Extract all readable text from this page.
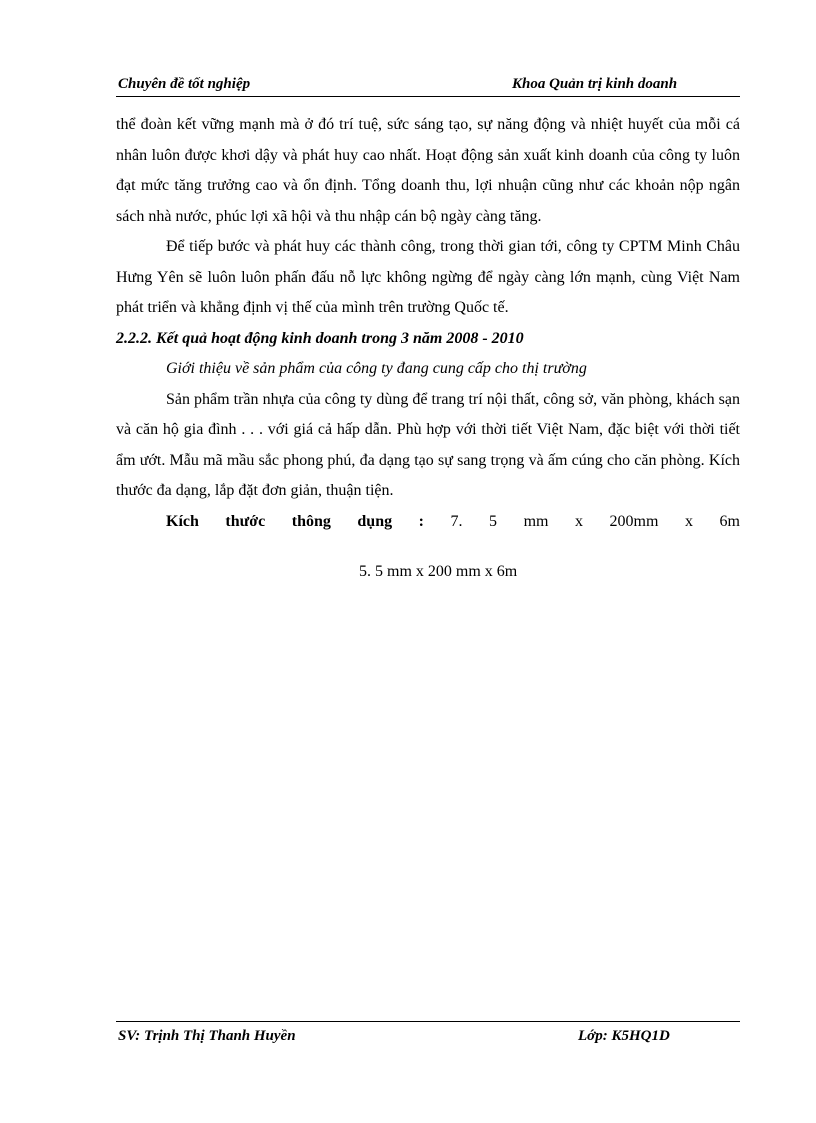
Chuyên đề tốt nghiệp	Khoa Quản trị kinh doanh

thể đoàn kết vững mạnh mà ở đó trí tuệ, sức sáng tạo, sự năng động và nhiệt huyết của mỗi cá nhân luôn được khơi dậy và phát huy cao nhất. Hoạt động sản xuất kinh doanh của công ty luôn đạt mức tăng trưởng cao và ổn định. Tổng doanh thu, lợi nhuận cũng như các khoản nộp ngân sách nhà nước, phúc lợi xã hội và thu nhập cán bộ ngày càng tăng.

Để tiếp bước và phát huy các thành công, trong thời gian tới, công ty CPTM Minh Châu Hưng Yên sẽ luôn luôn phấn đấu nỗ lực không ngừng để ngày càng lớn mạnh, cùng Việt Nam phát triển và khẳng định vị thế của mình trên trường Quốc tế.

2.2.2. Kết quả hoạt động kinh doanh trong 3 năm 2008 - 2010

Giới thiệu về sản phẩm của công ty đang cung cấp cho thị trường

Sản phẩm trần nhựa của công ty dùng để trang trí nội thất, công sở, văn phòng, khách sạn và căn hộ gia đình . . . với giá cả hấp dẫn. Phù hợp với thời tiết Việt Nam, đặc biệt với thời tiết ẩm ướt. Mẫu mã mầu sắc phong phú, đa dạng tạo sự sang trọng và ấm cúng cho căn phòng. Kích thước đa dạng, lắp đặt đơn giản, thuận tiện.

Kích thước thông dụng : 7. 5 mm x 200mm x 6m
5. 5 mm x 200 mm x 6m
SV: Trịnh Thị Thanh Huyền	Lớp: K5HQ1D
